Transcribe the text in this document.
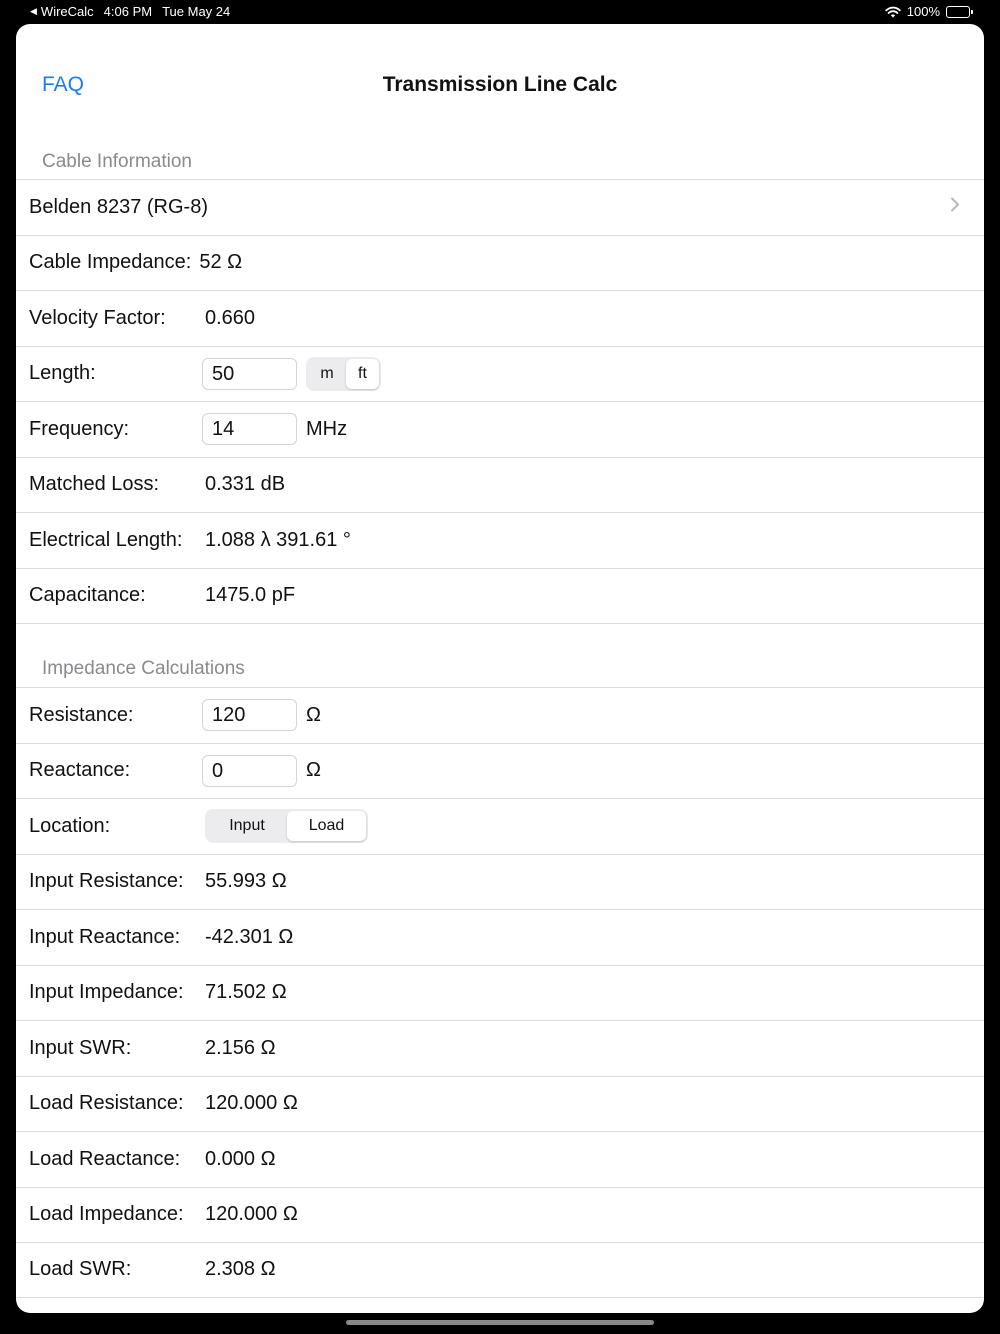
◀ WireCalc 4:06 PM Tue May 24	100%
FAQ	Transmission Line Calc
Cable Information
Belden 8237 (RG-8)
Cable Impedance: 52 Ω
Velocity Factor: 0.660
Length:	50	m	ft
Frequency:	14	MHz
Matched Loss: 0.331 dB
Electrical Length: 1.088 λ 391.61 °
Capacitance:	1475.0 pF
Impedance Calculations
Resistance:	120	Ω
Reactance:	0	Ω
Location:	Input	Load
Input Resistance: 55.993 Ω
Input Reactance: -42.301 Ω
Input Impedance: 71.502 Ω
Input SWR:	2.156 Ω
Load Resistance: 120.000 Ω
Load Reactance: 0.000 Ω
Load Impedance: 120.000 Ω
Load SWR:	2.308 Ω
